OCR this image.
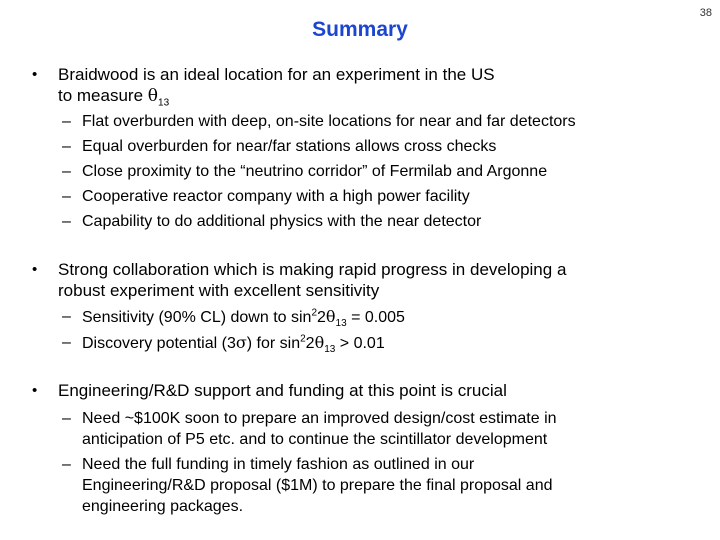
Summary
38
• Braidwood is an ideal location for an experiment in the US
to measure $\theta_{13}$
– Flat overburden with deep, on-site locations for near and far detectors
– Equal overburden for near/far stations allows cross checks
– Close proximity to the “neutrino corridor” of Fermilab and Argonne
– Cooperative reactor company with a high power facility
– Capability to do additional physics with the near detector
• Strong collaboration which is making rapid progress in developing a
robust experiment with excellent sensitivity
– Sensitivity (90% CL) down to $\sin^22\theta_{13} = 0.005$
– Discovery potential (3σ) for $\sin^22\theta_{13} > 0.01$
• Engineering/R&D support and funding at this point is crucial
– Need ~$100K soon to prepare an improved design/cost estimate in
anticipation of P5 etc. and to continue the scintillator development
– Need the full funding in timely fashion as outlined in our
Engineering/R&D proposal ($1M) to prepare the final proposal and
engineering packages.
